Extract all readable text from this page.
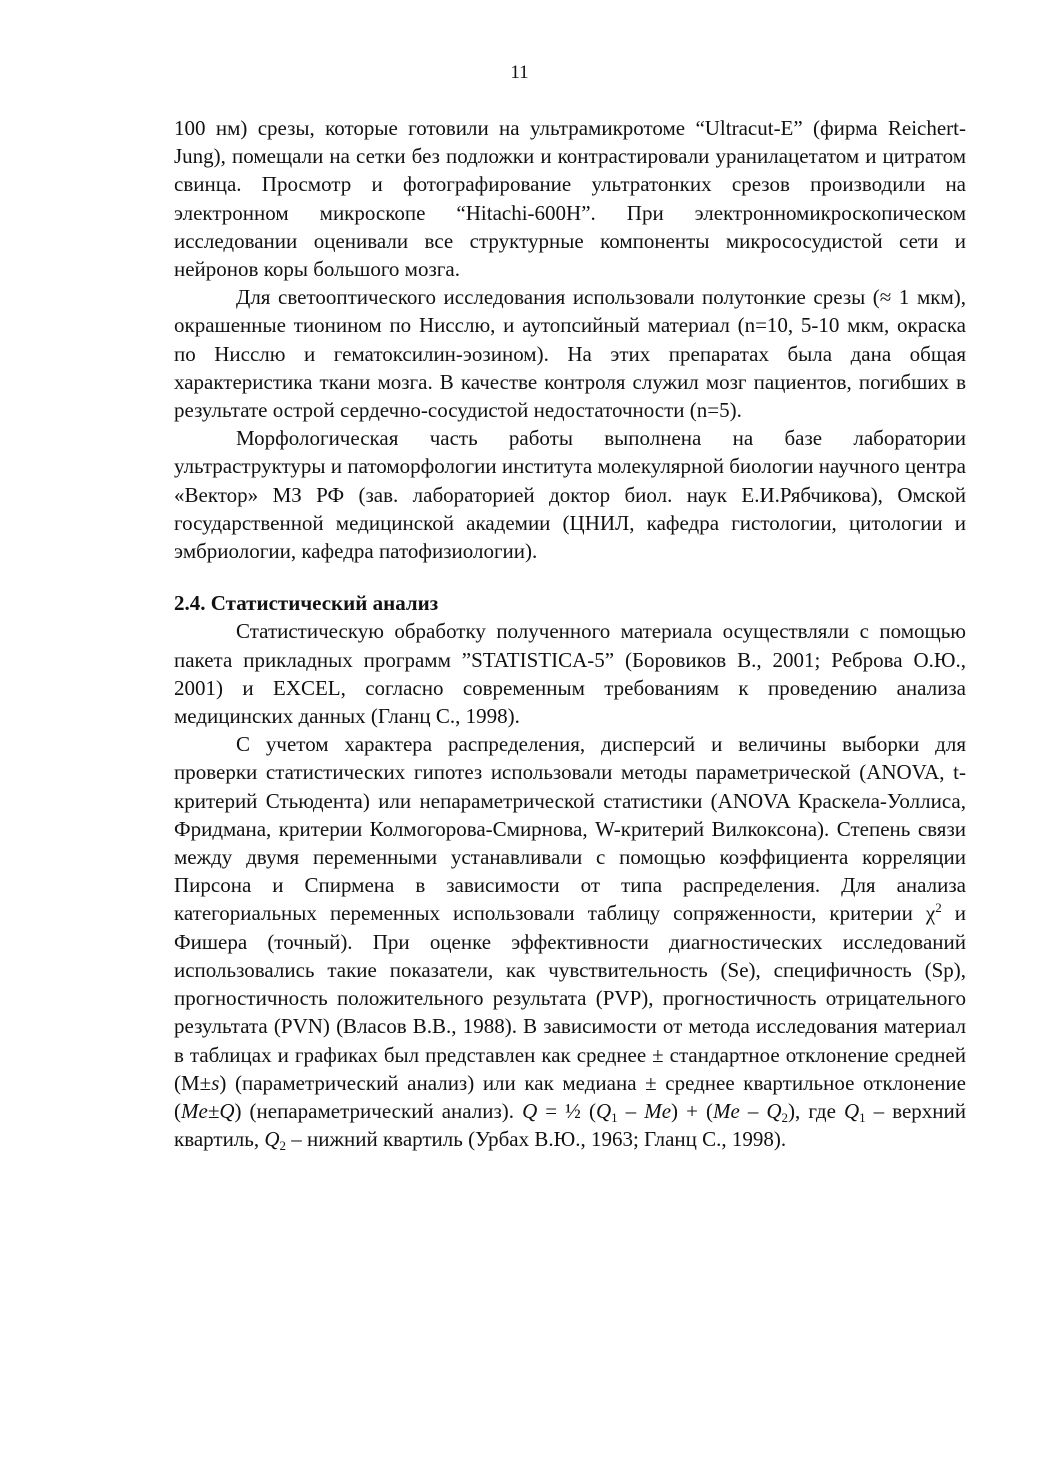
11

100 нм) срезы, которые готовили на ультрамикротоме “Ultracut-E” (фирма Reichert-Jung), помещали на сетки без подложки и контрастировали уранилацетатом и цитратом свинца. Просмотр и фотографирование ультратонких срезов производили на электронном микроскопе “Hitachi-600H”. При электронномикроскопическом исследовании оценивали все структурные компоненты микрососудистой сети и нейронов коры большого мозга.

Для светооптического исследования использовали полутонкие срезы (≈ 1 мкм), окрашенные тионином по Нисслю, и аутопсийный материал (n=10, 5-10 мкм, окраска по Нисслю и гематоксилин-эозином). На этих препаратах была дана общая характеристика ткани мозга. В качестве контроля служил мозг пациентов, погибших в результате острой сердечно-сосудистой недостаточности (n=5).

Морфологическая часть работы выполнена на базе лаборатории ультраструктуры и патоморфологии института молекулярной биологии научного центра «Вектор» МЗ РФ (зав. лабораторией доктор биол. наук Е.И.Рябчикова), Омской государственной медицинской академии (ЦНИЛ, кафедра гистологии, цитологии и эмбриологии, кафедра патофизиологии).

2.4. Статистический анализ

Статистическую обработку полученного материала осуществляли с помощью пакета прикладных программ ”STATISTICA-5” (Боровиков В., 2001; Реброва О.Ю., 2001) и EXCEL, согласно современным требованиям к проведению анализа медицинских данных (Гланц С., 1998).

С учетом характера распределения, дисперсий и величины выборки для проверки статистических гипотез использовали методы параметрической (ANOVA, t-критерий Стьюдента) или непараметрической статистики (ANOVA Краскела-Уоллиса, Фридмана, критерии Колмогорова-Смирнова, W-критерий Вилкоксона). Степень связи между двумя переменными устанавливали с помощью коэффициента корреляции Пирсона и Спирмена в зависимости от типа распределения. Для анализа категориальных переменных использовали таблицу сопряженности, критерии $\chi^2$ и Фишера (точный). При оценке эффективности диагностических исследований использовались такие показатели, как чувствительность (Se), специфичность (Sp), прогностичность положительного результата (PVP), прогностичность отрицательного результата (PVN) (Власов В.В., 1988). В зависимости от метода исследования материал в таблицах и графиках был представлен как среднее ± стандартное отклонение средней (M±s) (параметрический анализ) или как медиана ± среднее квартильное отклонение (Me±Q) (непараметрический анализ). Q = ½ $(Q_1 - Me) + (Me - Q_2)$, где $Q_1$ – верхний квартиль, $Q_2$ – нижний квартиль (Урбах В.Ю., 1963; Гланц С., 1998).
